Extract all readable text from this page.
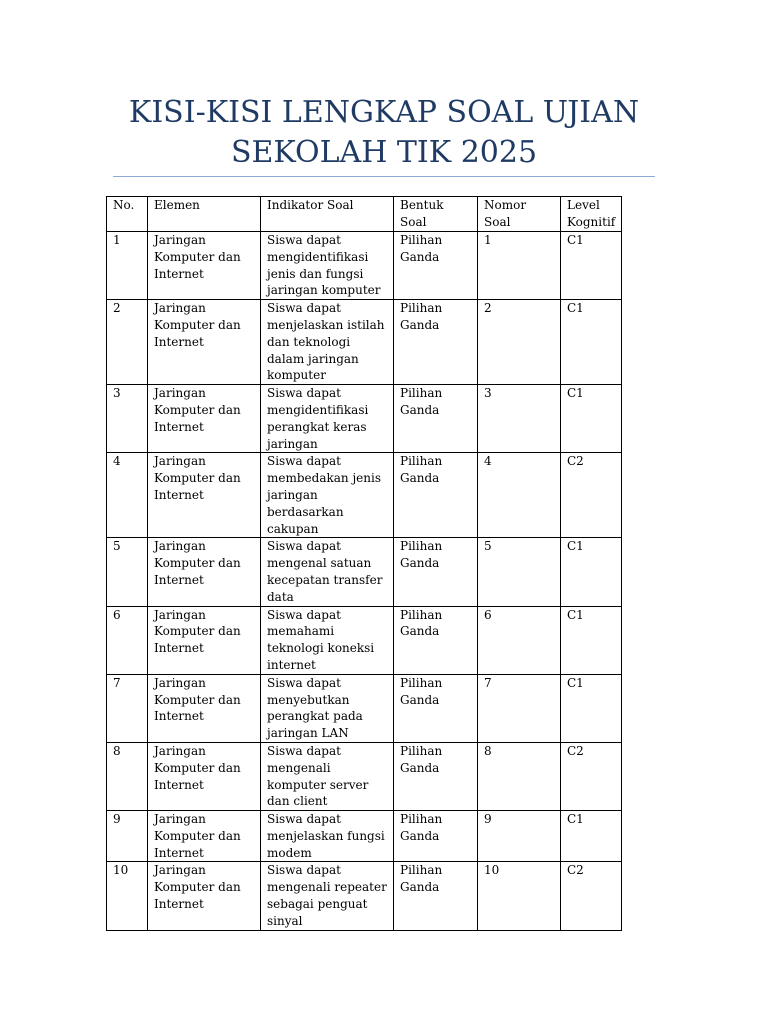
KISI-KISI LENGKAP SOAL UJIAN SEKOLAH TIK 2025
No.	Elemen	Indikator Soal	Bentuk Soal	Nomor Soal	Level Kognitif
1	Jaringan Komputer dan Internet	Siswa dapat mengidentifikasi jenis dan fungsi jaringan komputer	Pilihan Ganda	1	C1
2	Jaringan Komputer dan Internet	Siswa dapat menjelaskan istilah dan teknologi dalam jaringan komputer	Pilihan Ganda	2	C1
3	Jaringan Komputer dan Internet	Siswa dapat mengidentifikasi perangkat keras jaringan	Pilihan Ganda	3	C1
4	Jaringan Komputer dan Internet	Siswa dapat membedakan jenis jaringan berdasarkan cakupan	Pilihan Ganda	4	C2
5	Jaringan Komputer dan Internet	Siswa dapat mengenal satuan kecepatan transfer data	Pilihan Ganda	5	C1
6	Jaringan Komputer dan Internet	Siswa dapat memahami teknologi koneksi internet	Pilihan Ganda	6	C1
7	Jaringan Komputer dan Internet	Siswa dapat menyebutkan perangkat pada jaringan LAN	Pilihan Ganda	7	C1
8	Jaringan Komputer dan Internet	Siswa dapat mengenali komputer server dan client	Pilihan Ganda	8	C2
9	Jaringan Komputer dan Internet	Siswa dapat menjelaskan fungsi modem	Pilihan Ganda	9	C1
10	Jaringan Komputer dan Internet	Siswa dapat mengenali repeater sebagai penguat sinyal	Pilihan Ganda	10	C2
